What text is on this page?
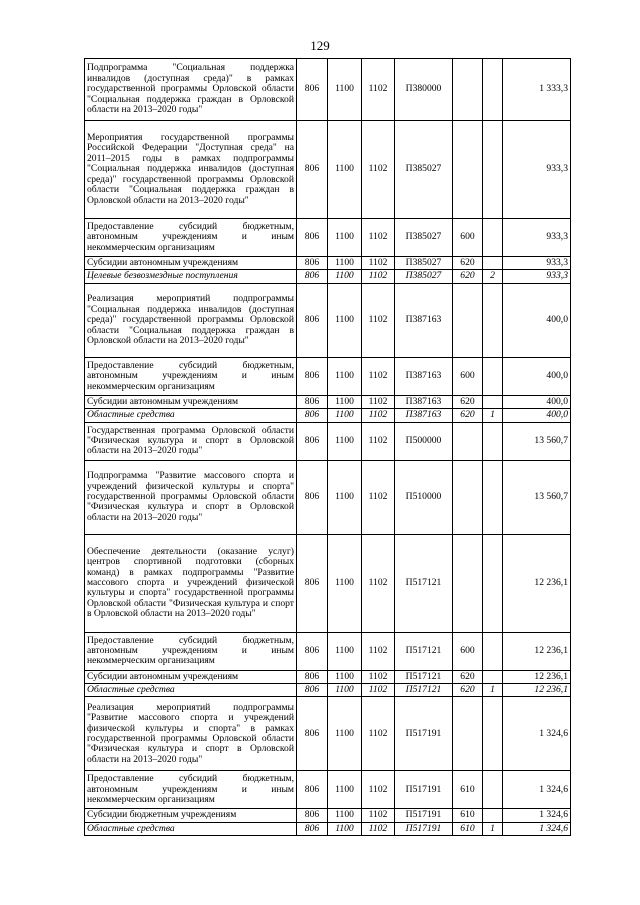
129
Подпрограмма "Социальная поддержка инвалидов (доступная среда)" в рамках государственной программы Орловской области "Социальная поддержка граждан в Орловской области на 2013–2020 годы"	806	1100	1102	П380000			1 333,3
Мероприятия государственной программы Российской Федерации "Доступная среда" на 2011–2015 годы в рамках подпрограммы "Социальная поддержка инвалидов (доступная среда)" государственной программы Орловской области "Социальная поддержка граждан в Орловской области на 2013–2020 годы"	806	1100	1102	П385027			933,3
Предоставление субсидий бюджетным, автономным учреждениям и иным некоммерческим организациям	806	1100	1102	П385027	600		933,3
Субсидии автономным учреждениям	806	1100	1102	П385027	620		933,3
Целевые безвозмездные поступления	806	1100	1102	П385027	620	2	933,3
Реализация мероприятий подпрограммы "Социальная поддержка инвалидов (доступная среда)" государственной программы Орловской области "Социальная поддержка граждан в Орловской области на 2013–2020 годы"	806	1100	1102	П387163			400,0
Предоставление субсидий бюджетным, автономным учреждениям и иным некоммерческим организациям	806	1100	1102	П387163	600		400,0
Субсидии автономным учреждениям	806	1100	1102	П387163	620		400,0
Областные средства	806	1100	1102	П387163	620	1	400,0
Государственная программа Орловской области "Физическая культура и спорт в Орловской области на 2013–2020 годы"	806	1100	1102	П500000			13 560,7
Подпрограмма "Развитие массового спорта и учреждений физической культуры и спорта" государственной программы Орловской области "Физическая культура и спорт в Орловской области на 2013–2020 годы"	806	1100	1102	П510000			13 560,7
Обеспечение деятельности (оказание услуг) центров спортивной подготовки (сборных команд) в рамках подпрограммы "Развитие массового спорта и учреждений физической культуры и спорта" государственной программы Орловской области "Физическая культура и спорт в Орловской области на 2013–2020 годы"	806	1100	1102	П517121			12 236,1
Предоставление субсидий бюджетным, автономным учреждениям и иным некоммерческим организациям	806	1100	1102	П517121	600		12 236,1
Субсидии автономным учреждениям	806	1100	1102	П517121	620		12 236,1
Областные средства	806	1100	1102	П517121	620	1	12 236,1
Реализация мероприятий подпрограммы "Развитие массового спорта и учреждений физической культуры и спорта" в рамках государственной программы Орловской области "Физическая культура и спорт в Орловской области на 2013–2020 годы"	806	1100	1102	П517191			1 324,6
Предоставление субсидий бюджетным, автономным учреждениям и иным некоммерческим организациям	806	1100	1102	П517191	610		1 324,6
Субсидии бюджетным учреждениям	806	1100	1102	П517191	610		1 324,6
Областные средства	806	1100	1102	П517191	610	1	1 324,6
